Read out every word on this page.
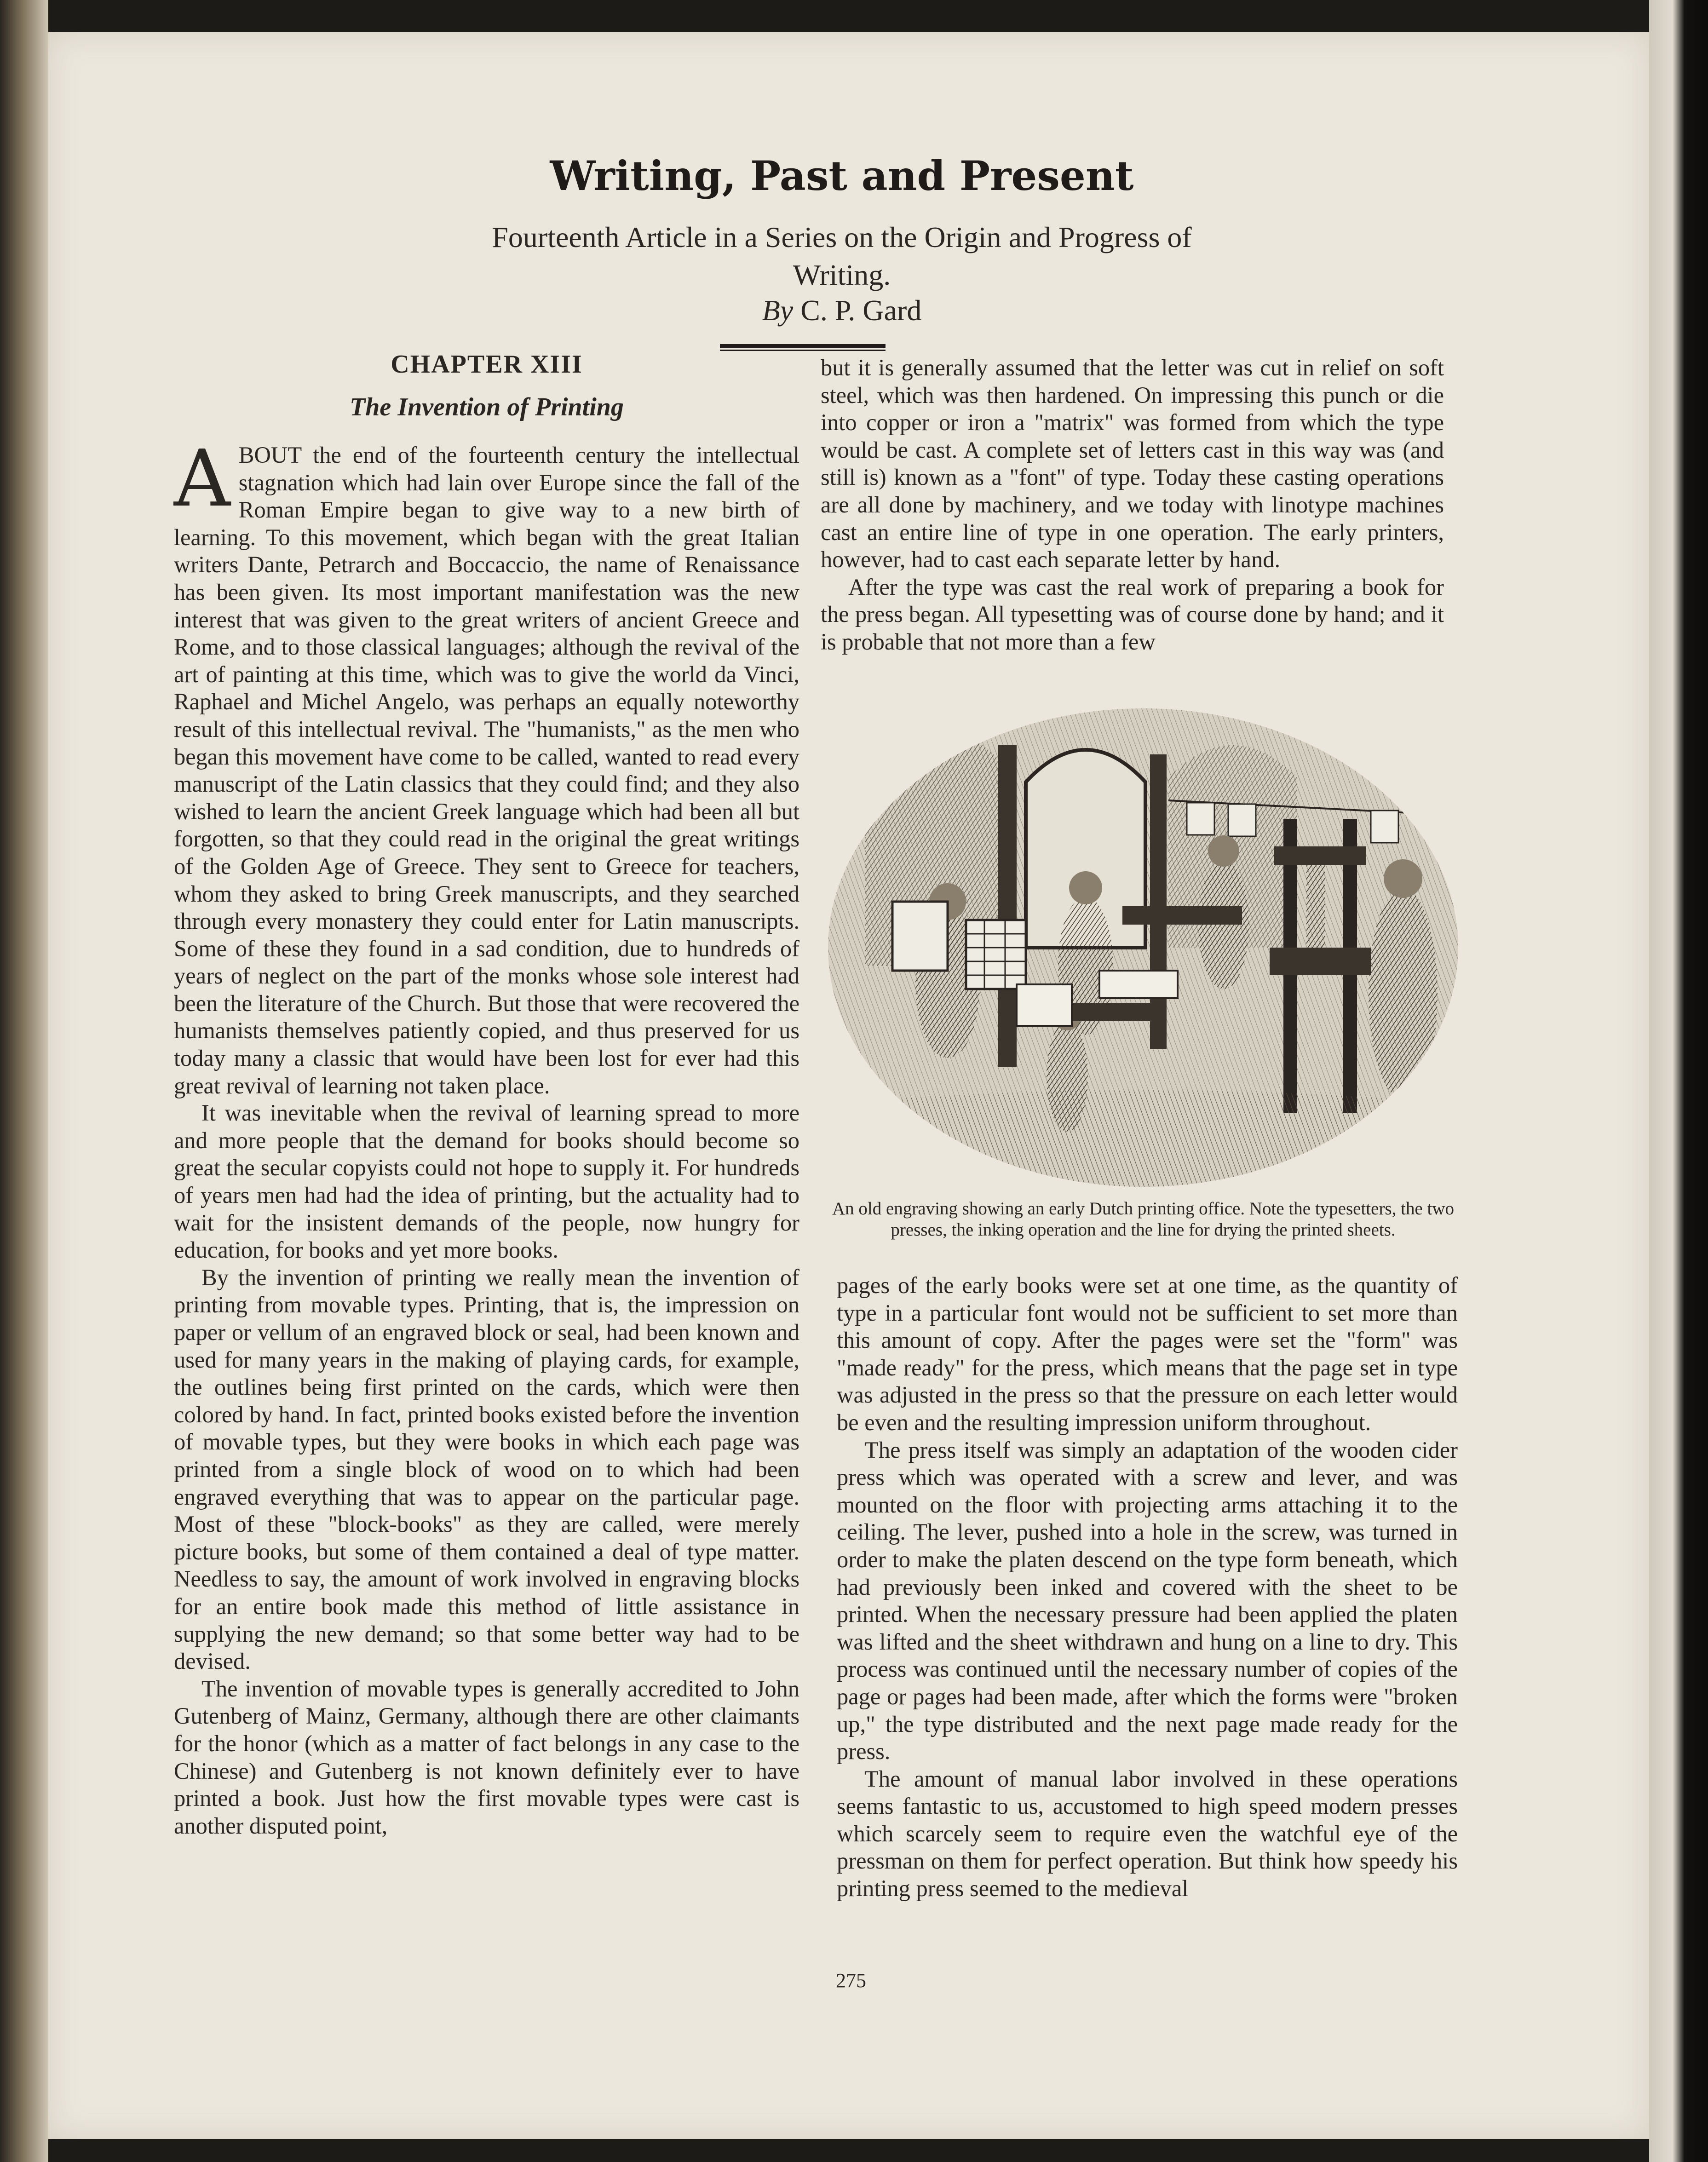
Writing, Past and Present

Fourteenth Article in a Series on the Origin and Progress of Writing.

By C. P. Gard

CHAPTER XIII
The Invention of Printing

ABOUT the end of the fourteenth century the intellectual stagnation which had lain over Europe since the fall of the Roman Empire began to give way to a new birth of learning. To this movement, which began with the great Italian writers Dante, Petrarch and Boccaccio, the name of Renaissance has been given. Its most important manifestation was the new interest that was given to the great writers of ancient Greece and Rome, and to those classical languages; although the revival of the art of painting at this time, which was to give the world da Vinci, Raphael and Michel Angelo, was perhaps an equally noteworthy result of this intellectual revival. The "humanists," as the men who began this movement have come to be called, wanted to read every manuscript of the Latin classics that they could find; and they also wished to learn the ancient Greek language which had been all but forgotten, so that they could read in the original the great writings of the Golden Age of Greece. They sent to Greece for teachers, whom they asked to bring Greek manuscripts, and they searched through every monastery they could enter for Latin manuscripts. Some of these they found in a sad condition, due to hundreds of years of neglect on the part of the monks whose sole interest had been the literature of the Church. But those that were recovered the humanists themselves patiently copied, and thus preserved for us today many a classic that would have been lost for ever had this great revival of learning not taken place.

It was inevitable when the revival of learning spread to more and more people that the demand for books should become so great the secular copyists could not hope to supply it. For hundreds of years men had had the idea of printing, but the actuality had to wait for the insistent demands of the people, now hungry for education, for books and yet more books.

By the invention of printing we really mean the invention of printing from movable types. Printing, that is, the impression on paper or vellum of an engraved block or seal, had been known and used for many years in the making of playing cards, for example, the outlines being first printed on the cards, which were then colored by hand. In fact, printed books existed before the invention of movable types, but they were books in which each page was printed from a single block of wood on to which had been engraved everything that was to appear on the particular page. Most of these "block-books" as they are called, were merely picture books, but some of them contained a deal of type matter. Needless to say, the amount of work involved in engraving blocks for an entire book made this method of little assistance in supplying the new demand; so that some better way had to be devised.

The invention of movable types is generally accredited to John Gutenberg of Mainz, Germany, although there are other claimants for the honor (which as a matter of fact belongs in any case to the Chinese) and Gutenberg is not known definitely ever to have printed a book. Just how the first movable types were cast is another disputed point,

but it is generally assumed that the letter was cut in relief on soft steel, which was then hardened. On impressing this punch or die into copper or iron a "matrix" was formed from which the type would be cast. A complete set of letters cast in this way was (and still is) known as a "font" of type. Today these casting operations are all done by machinery, and we today with linotype machines cast an entire line of type in one operation. The early printers, however, had to cast each separate letter by hand.

After the type was cast the real work of preparing a book for the press began. All typesetting was of course done by hand; and it is probable that not more than a few

An old engraving showing an early Dutch printing office. Note the typesetters, the two presses, the inking operation and the line for drying the printed sheets.

pages of the early books were set at one time, as the quantity of type in a particular font would not be sufficient to set more than this amount of copy. After the pages were set the "form" was "made ready" for the press, which means that the page set in type was adjusted in the press so that the pressure on each letter would be even and the resulting impression uniform throughout.

The press itself was simply an adaptation of the wooden cider press which was operated with a screw and lever, and was mounted on the floor with projecting arms attaching it to the ceiling. The lever, pushed into a hole in the screw, was turned in order to make the platen descend on the type form beneath, which had previously been inked and covered with the sheet to be printed. When the necessary pressure had been applied the platen was lifted and the sheet withdrawn and hung on a line to dry. This process was continued until the necessary number of copies of the page or pages had been made, after which the forms were "broken up," the type distributed and the next page made ready for the press.

The amount of manual labor involved in these operations seems fantastic to us, accustomed to high speed modern presses which scarcely seem to require even the watchful eye of the pressman on them for perfect operation. But think how speedy his printing press seemed to the medieval

275
